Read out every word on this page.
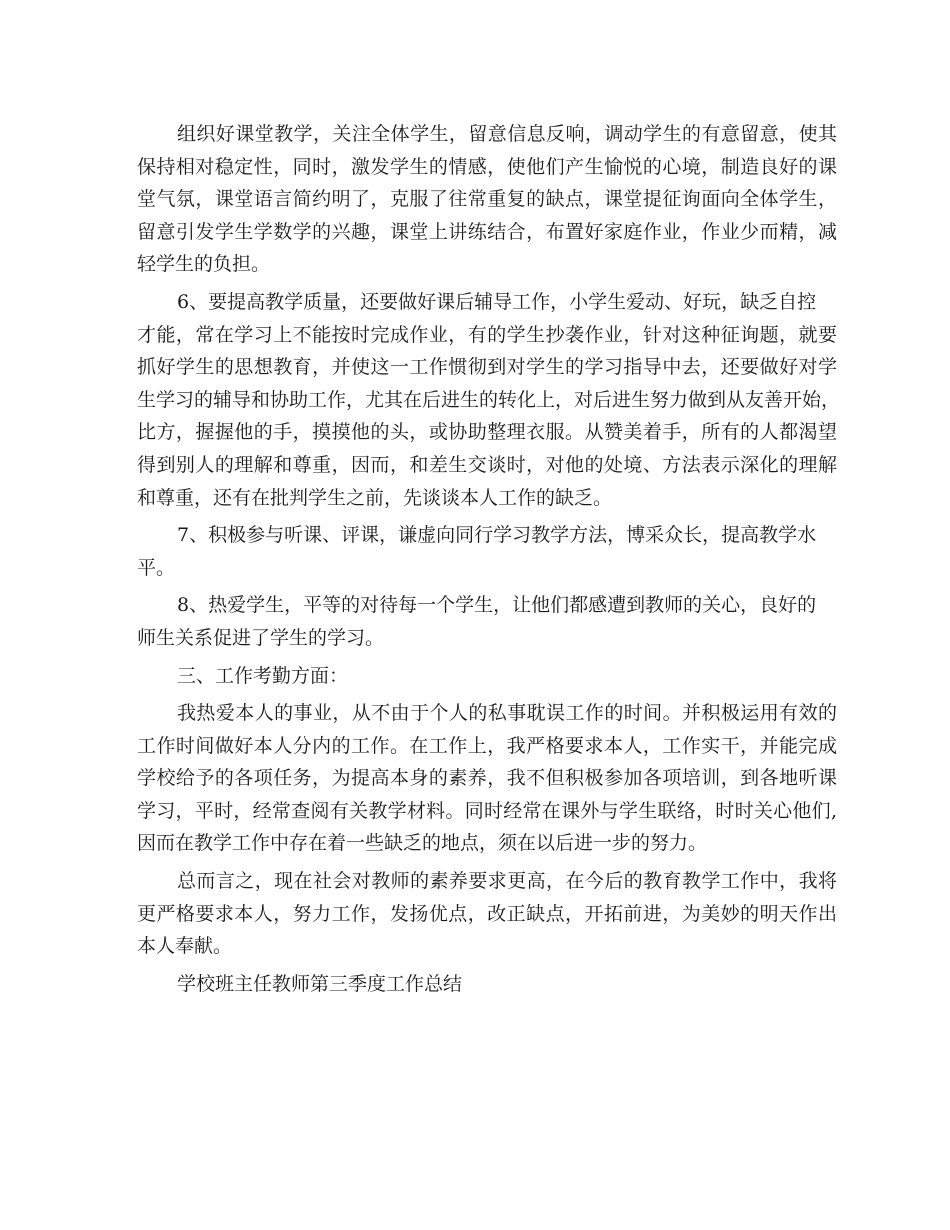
组织好课堂教学，关注全体学生，留意信息反响，调动学生的有意留意，使其
保持相对稳定性，同时，激发学生的情感，使他们产生愉悦的心境，制造良好的课
堂气氛，课堂语言简约明了，克服了往常重复的缺点，课堂提征询面向全体学生，
留意引发学生学数学的兴趣，课堂上讲练结合，布置好家庭作业，作业少而精，减
轻学生的负担。
6、要提高教学质量，还要做好课后辅导工作，小学生爱动、好玩，缺乏自控
才能，常在学习上不能按时完成作业，有的学生抄袭作业，针对这种征询题，就要
抓好学生的思想教育，并使这一工作惯彻到对学生的学习指导中去，还要做好对学
生学习的辅导和协助工作，尤其在后进生的转化上，对后进生努力做到从友善开始，
比方，握握他的手，摸摸他的头，或协助整理衣服。从赞美着手，所有的人都渴望
得到别人的理解和尊重，因而，和差生交谈时，对他的处境、方法表示深化的理解
和尊重，还有在批判学生之前，先谈谈本人工作的缺乏。
7、积极参与听课、评课，谦虚向同行学习教学方法，博采众长，提高教学水
平。
8、热爱学生，平等的对待每一个学生，让他们都感遭到教师的关心，良好的
师生关系促进了学生的学习。
三、工作考勤方面：
我热爱本人的事业，从不由于个人的私事耽误工作的时间。并积极运用有效的
工作时间做好本人分内的工作。在工作上，我严格要求本人，工作实干，并能完成
学校给予的各项任务，为提高本身的素养，我不但积极参加各项培训，到各地听课
学习，平时，经常查阅有关教学材料。同时经常在课外与学生联络，时时关心他们,
因而在教学工作中存在着一些缺乏的地点，须在以后进一步的努力。
总而言之，现在社会对教师的素养要求更高，在今后的教育教学工作中，我将
更严格要求本人，努力工作，发扬优点，改正缺点，开拓前进，为美妙的明天作出
本人奉献。
学校班主任教师第三季度工作总结
